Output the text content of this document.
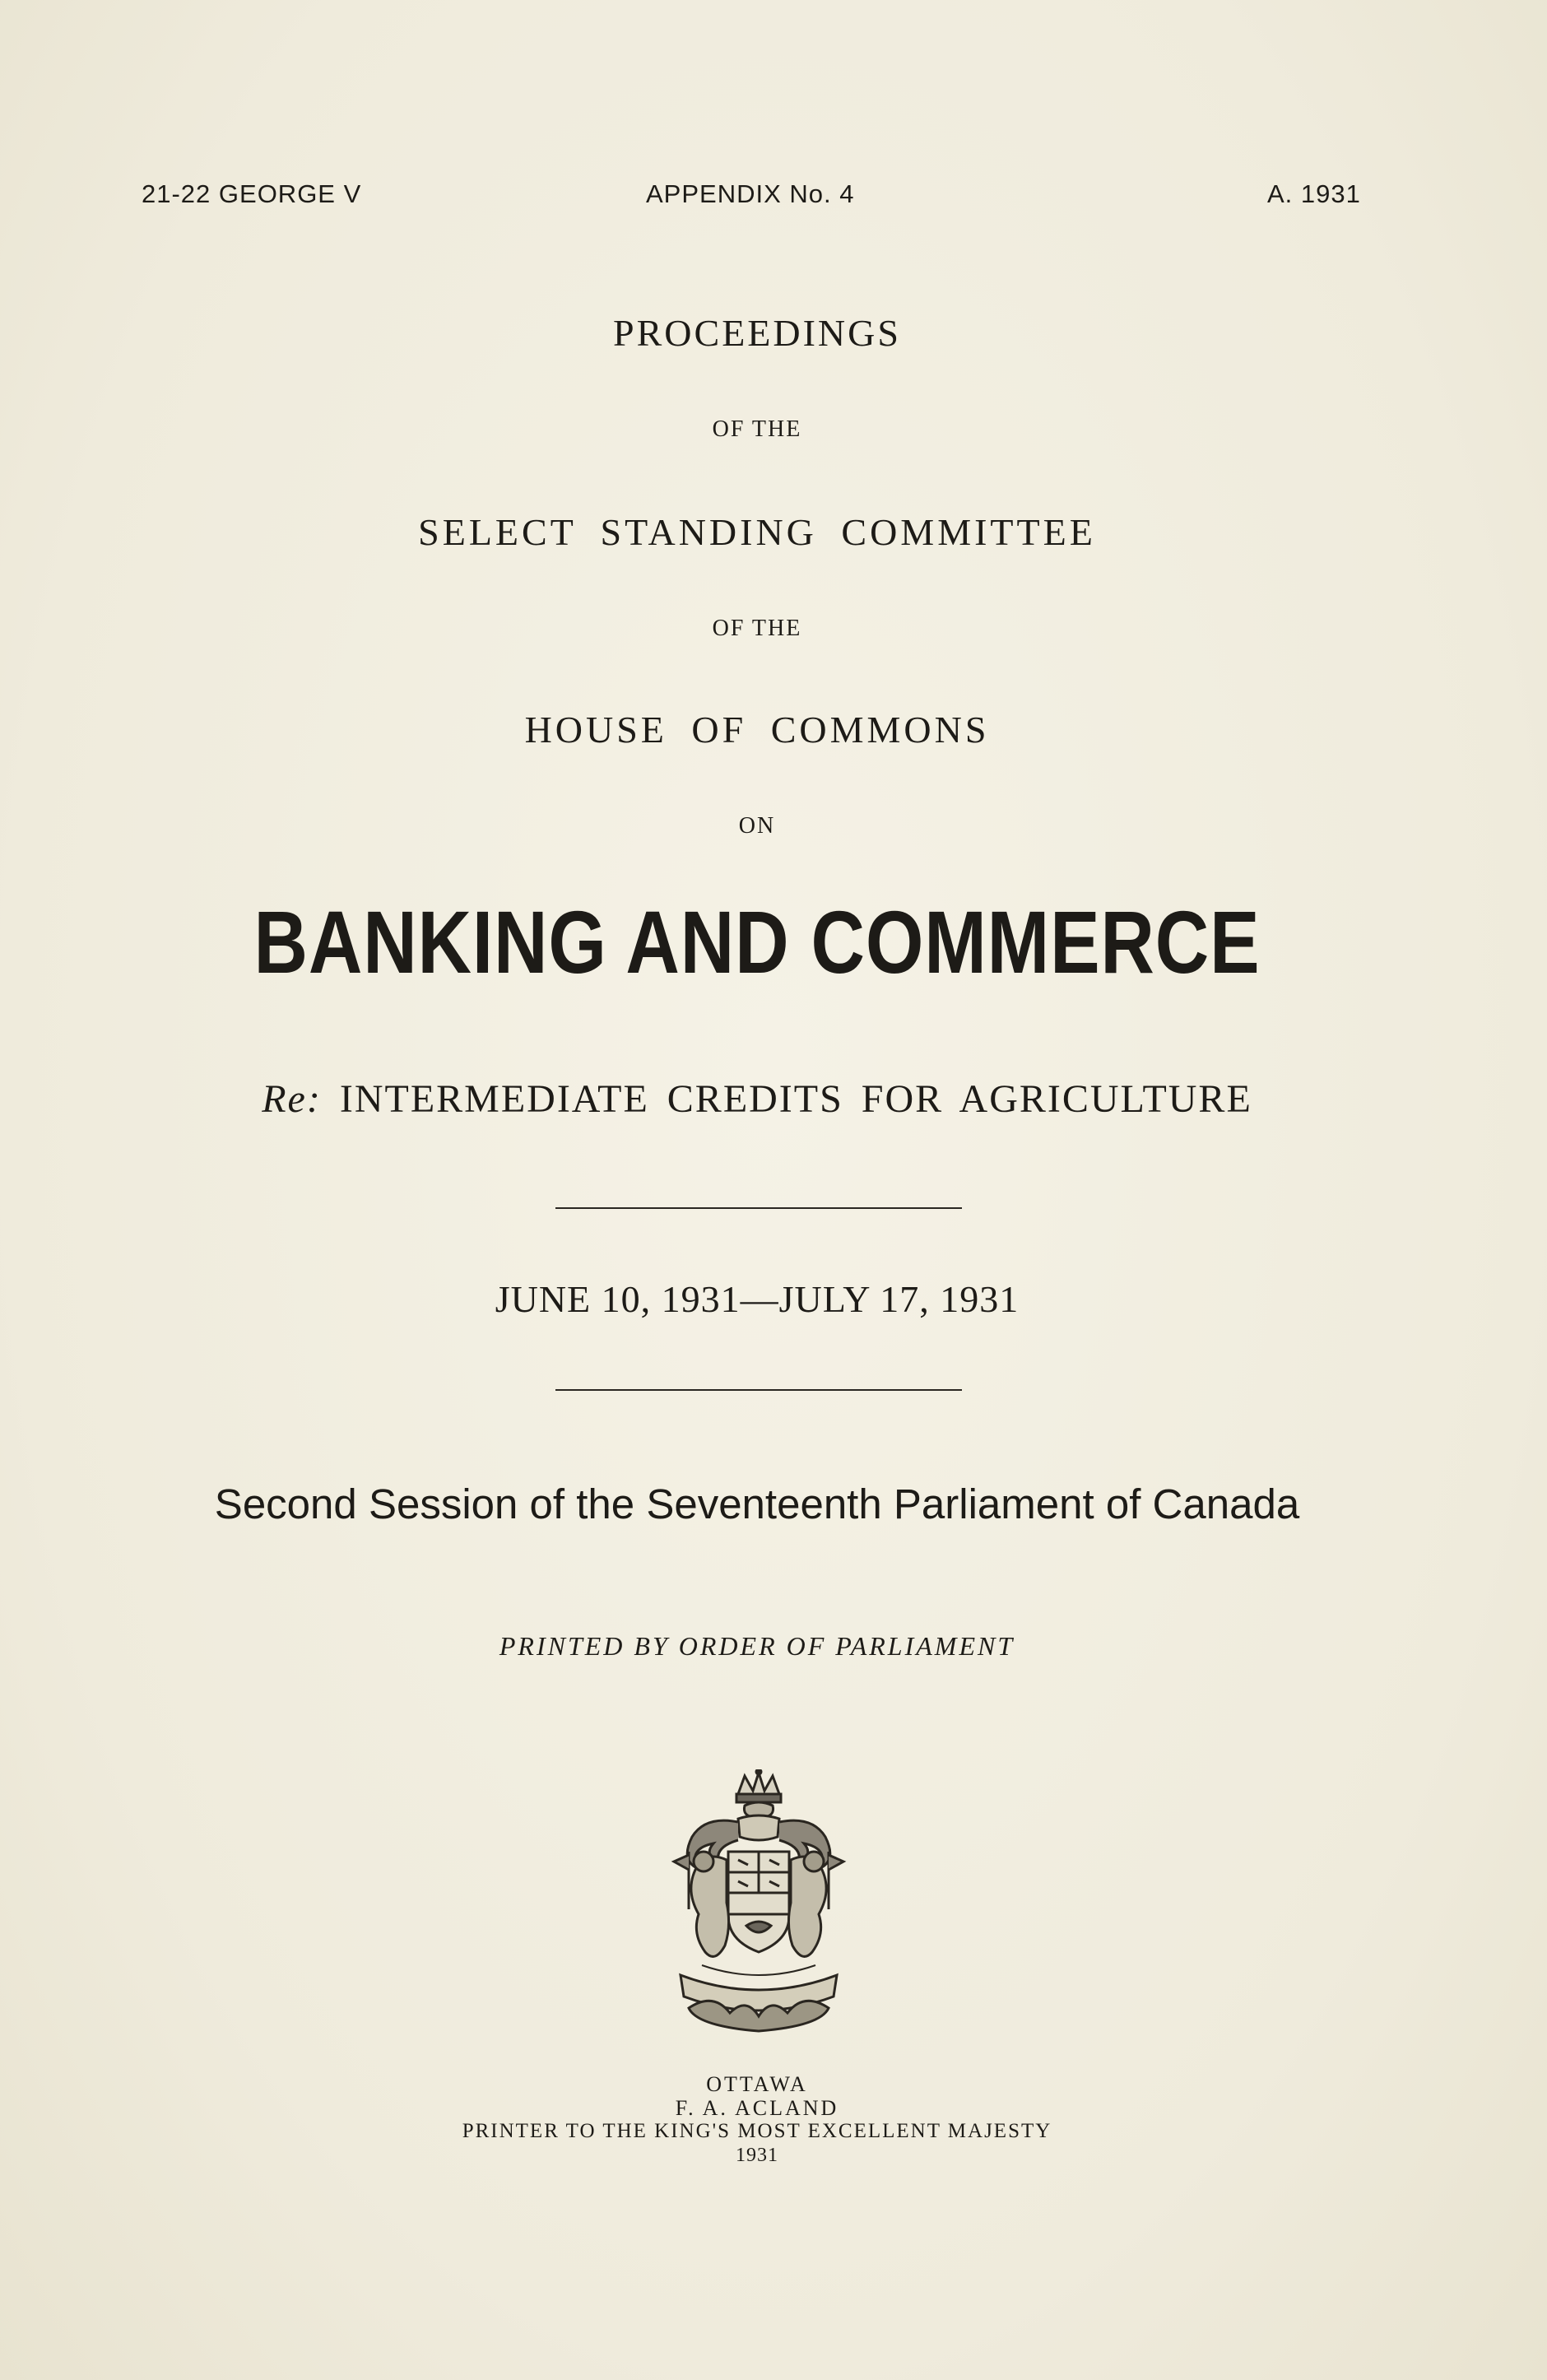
21-22 GEORGE V	APPENDIX No. 4	A. 1931
PROCEEDINGS
OF THE
SELECT STANDING COMMITTEE
OF THE
HOUSE OF COMMONS
ON
BANKING AND COMMERCE
Re: INTERMEDIATE CREDITS FOR AGRICULTURE
JUNE 10, 1931—JULY 17, 1931
Second Session of the Seventeenth Parliament of Canada
PRINTED BY ORDER OF PARLIAMENT
OTTAWA
F. A. ACLAND
PRINTER TO THE KING'S MOST EXCELLENT MAJESTY
1931
